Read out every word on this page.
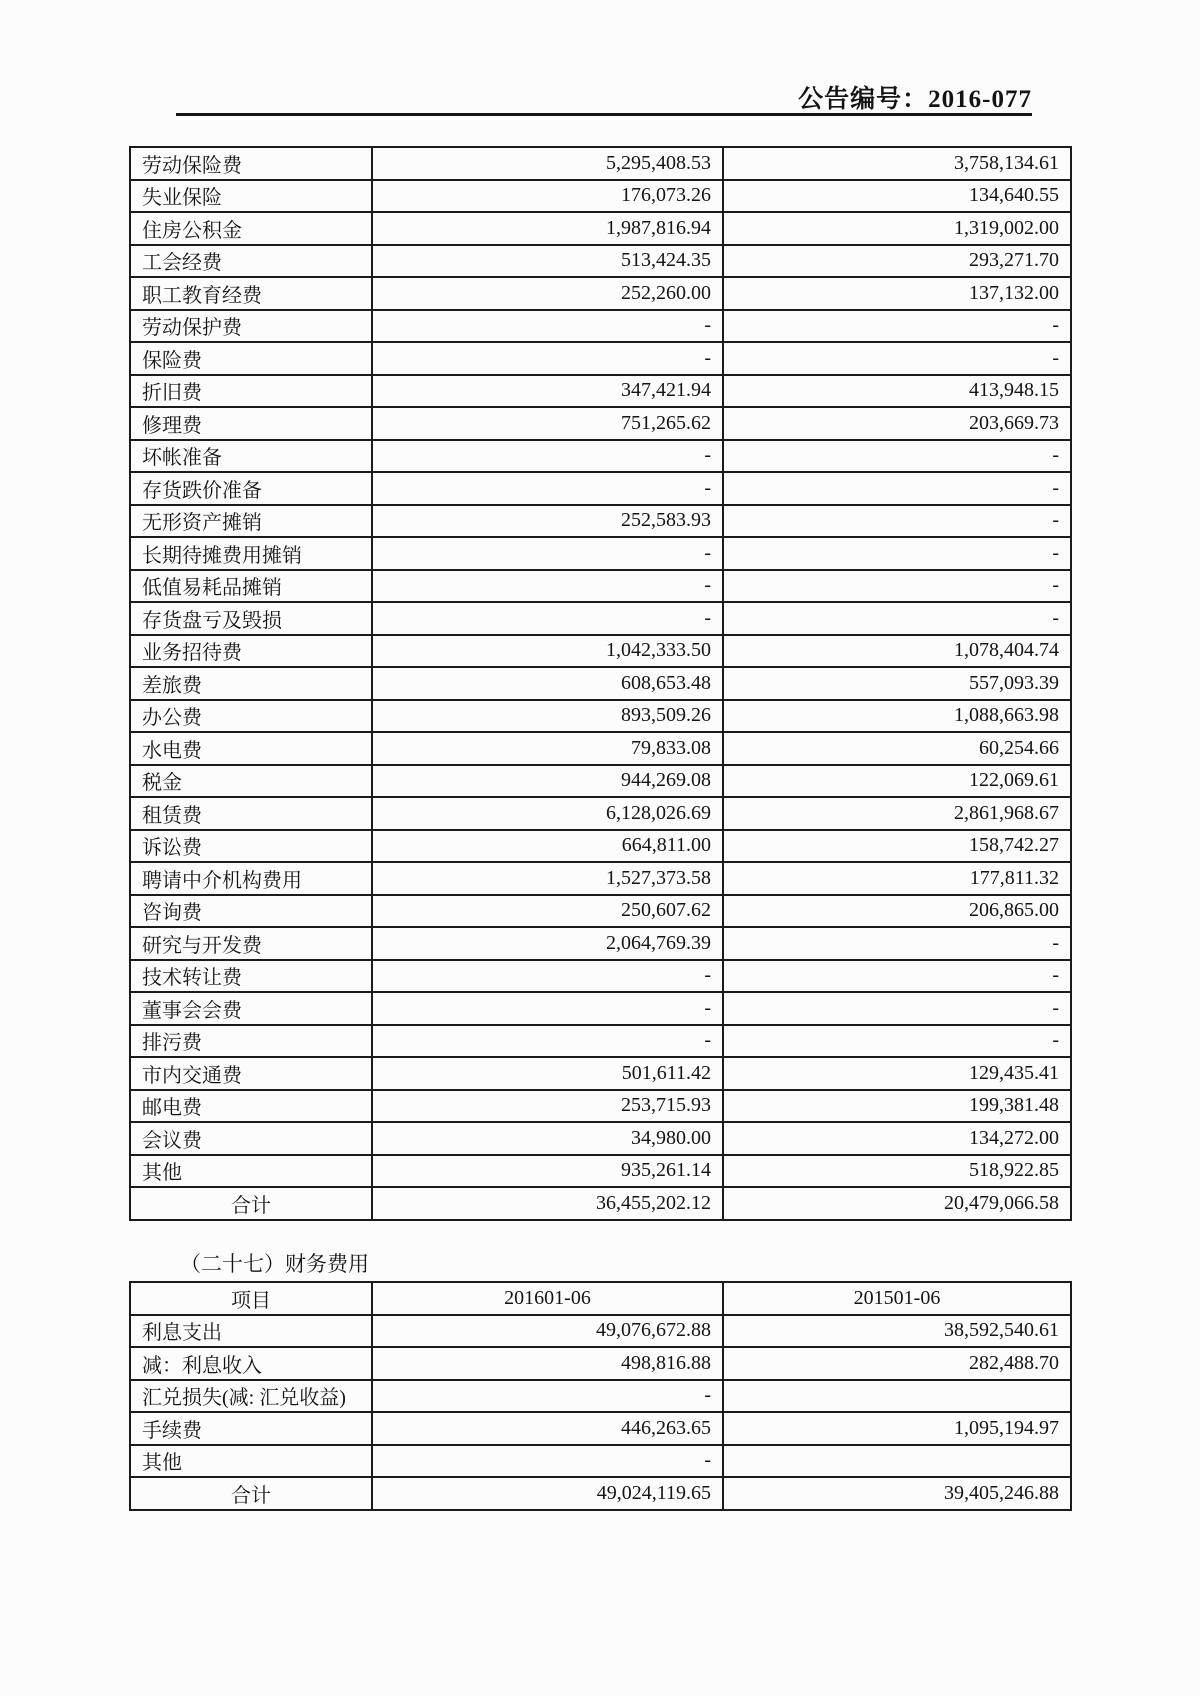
公告编号：2016-077
劳动保险费	5,295,408.53	3,758,134.61
失业保险	176,073.26	134,640.55
住房公积金	1,987,816.94	1,319,002.00
工会经费	513,424.35	293,271.70
职工教育经费	252,260.00	137,132.00
劳动保护费	-	-
保险费	-	-
折旧费	347,421.94	413,948.15
修理费	751,265.62	203,669.73
坏帐准备	-	-
存货跌价准备	-	-
无形资产摊销	252,583.93	-
长期待摊费用摊销	-	-
低值易耗品摊销	-	-
存货盘亏及毁损	-	-
业务招待费	1,042,333.50	1,078,404.74
差旅费	608,653.48	557,093.39
办公费	893,509.26	1,088,663.98
水电费	79,833.08	60,254.66
税金	944,269.08	122,069.61
租赁费	6,128,026.69	2,861,968.67
诉讼费	664,811.00	158,742.27
聘请中介机构费用	1,527,373.58	177,811.32
咨询费	250,607.62	206,865.00
研究与开发费	2,064,769.39	-
技术转让费	-	-
董事会会费	-	-
排污费	-	-
市内交通费	501,611.42	129,435.41
邮电费	253,715.93	199,381.48
会议费	34,980.00	134,272.00
其他	935,261.14	518,922.85
合计	36,455,202.12	20,479,066.58
（二十七）财务费用
项目	201601-06	201501-06
利息支出	49,076,672.88	38,592,540.61
减：利息收入	498,816.88	282,488.70
汇兑损失(减: 汇兑收益)	-	
手续费	446,263.65	1,095,194.97
其他	-	
合计	49,024,119.65	39,405,246.88
